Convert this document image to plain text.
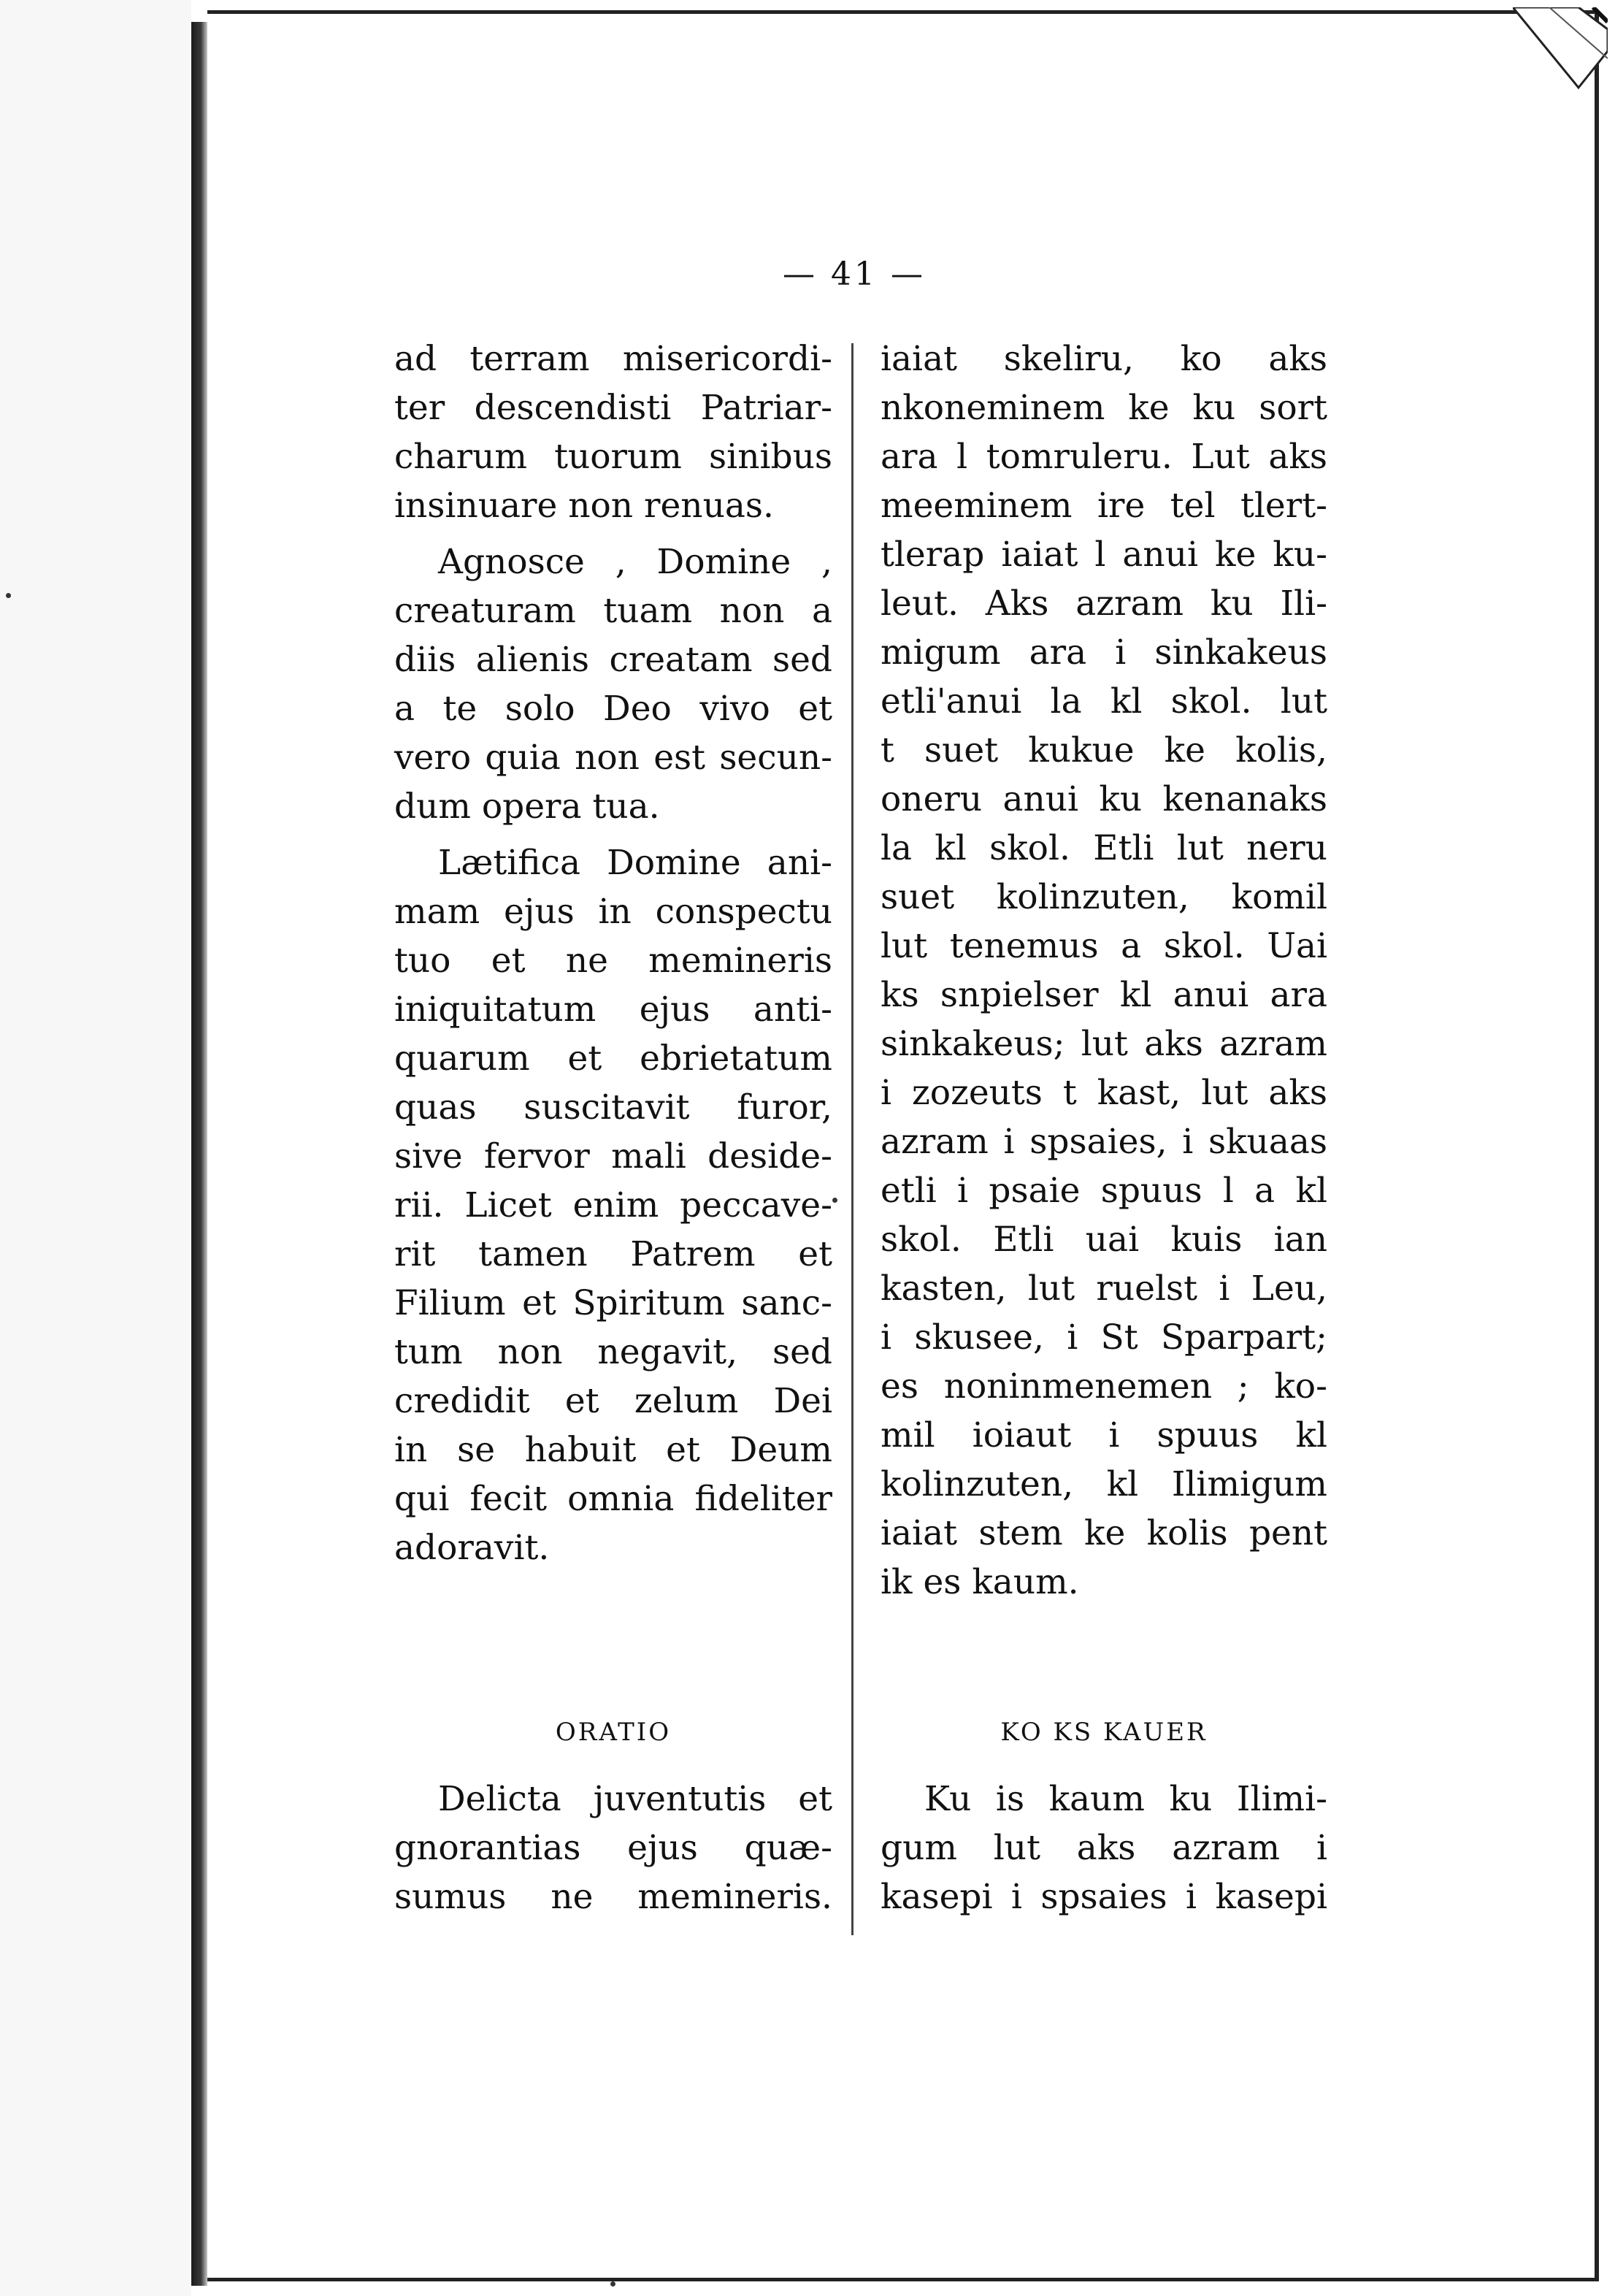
— 41 —
ad terram misericordi-
ter descendisti Patriar-
charum tuorum sinibus
insinuare non renuas.
Agnosce , Domine ,
creaturam tuam non a
diis alienis creatam sed
a te solo Deo vivo et
vero quia non est secun-
dum opera tua.
Lætifica Domine ani-
mam ejus in conspectu
tuo et ne memineris
iniquitatum ejus anti-
quarum et ebrietatum
quas suscitavit furor,
sive fervor mali deside-
rii. Licet enim peccave-
rit tamen Patrem et
Filium et Spiritum sanc-
tum non negavit, sed
credidit et zelum Dei
in se habuit et Deum
qui fecit omnia fideliter
adoravit.
iaiat skeliru, ko aks
nkoneminem ke ku sort
ara l tomruleru. Lut aks
meeminem ire tel tlert-
tlerap iaiat l anui ke ku-
leut. Aks azram ku Ili-
migum ara i sinkakeus
etli'anui la kl skol. lut
t suet kukue ke kolis,
oneru anui ku kenanaks
la kl skol. Etli lut neru
suet kolinzuten, komil
lut tenemus a skol. Uai
ks snpielser kl anui ara
sinkakeus; lut aks azram
i zozeuts t kast, lut aks
azram i spsaies, i skuaas
etli i psaie spuus l a kl
skol. Etli uai kuis ian
kasten, lut ruelst i Leu,
i skusee, i St Sparpart;
es noninmenemen ; ko-
mil ioiaut i spuus kl
kolinzuten, kl Ilimigum
iaiat stem ke kolis pent
ik es kaum.
ORATIO	KO KS KAUER
Delicta juventutis et
gnorantias ejus quæ-
sumus ne memineris.
Ku is kaum ku Ilimi-
gum lut aks azram i
kasepi i spsaies i kasepi
